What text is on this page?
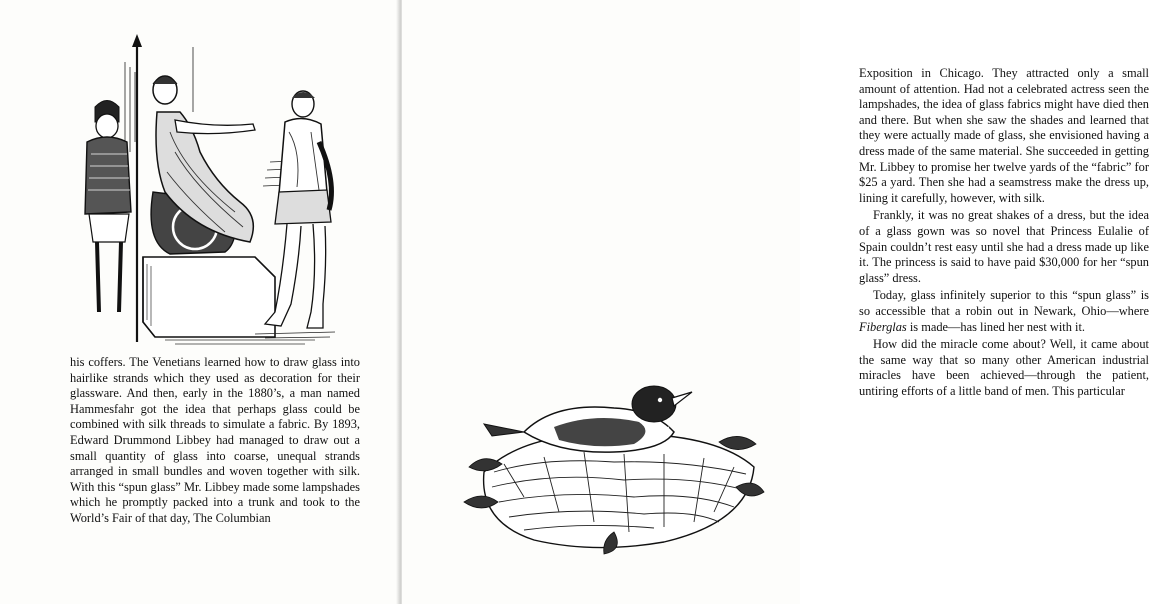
his coffers. The Venetians learned how to draw glass into hairlike strands which they used as decoration for their glassware. And then, early in the 1880’s, a man named Hammesfahr got the idea that perhaps glass could be combined with silk threads to simulate a fabric. By 1893, Edward Drummond Libbey had managed to draw out a small quantity of glass into coarse, unequal strands arranged in small bundles and woven together with silk. With this “spun glass” Mr. Libbey made some lampshades which he promptly packed into a trunk and took to the World’s Fair of that day, The Columbian

Exposition in Chicago. They attracted only a small amount of attention. Had not a celebrated actress seen the lampshades, the idea of glass fabrics might have died then and there. But when she saw the shades and learned that they were actually made of glass, she envisioned having a dress made of the same material. She succeeded in getting Mr. Libbey to promise her twelve yards of the “fabric” for $25 a yard. Then she had a seamstress make the dress up, lining it carefully, however, with silk.

Frankly, it was no great shakes of a dress, but the idea of a glass gown was so novel that Princess Eulalie of Spain couldn’t rest easy until she had a dress made up like it. The princess is said to have paid $30,000 for her “spun glass” dress.

Today, glass infinitely superior to this “spun glass” is so accessible that a robin out in Newark, Ohio—where Fiberglas is made—has lined her nest with it.

How did the miracle come about? Well, it came about the same way that so many other American industrial miracles have been achieved—through the patient, untiring efforts of a little band of men. This particular
